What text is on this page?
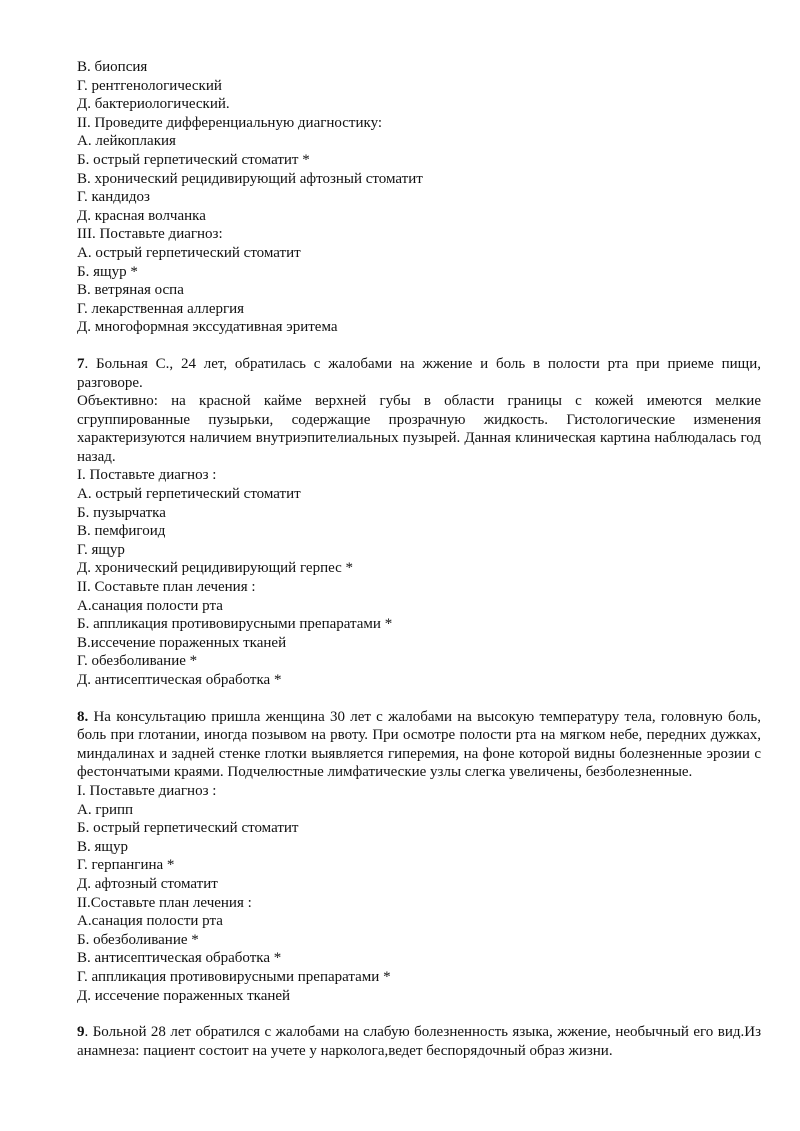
В. биопсия
Г. рентгенологический
Д. бактериологический.
II. Проведите дифференциальную диагностику:
А. лейкоплакия
Б. острый герпетический стоматит *
В. хронический рецидивирующий афтозный стоматит
Г. кандидоз
Д. красная волчанка
III. Поставьте диагноз:
А. острый герпетический стоматит
Б. ящур *
В. ветряная оспа
Г. лекарственная аллергия
Д. многоформная экссудативная эритема
7. Больная С., 24 лет, обратилась с жалобами на жжение и боль в полости рта при приеме пищи, разговоре.
Объективно: на красной кайме верхней губы в области границы с кожей имеются мелкие сгруппированные пузырьки, содержащие прозрачную жидкость. Гистологические изменения характеризуются наличием внутриэпителиальных пузырей. Данная клиническая картина наблюдалась год назад.
I. Поставьте диагноз :
А. острый герпетический стоматит
Б. пузырчатка
В. пемфигоид
Г. ящур
Д. хронический рецидивирующий герпес *
II. Составьте план лечения :
А.санация полости рта
Б. аппликация противовирусными препаратами *
В.иссечение пораженных тканей
Г. обезболивание *
Д. антисептическая обработка *
8. На консультацию пришла женщина 30 лет с жалобами на высокую температуру тела, головную боль, боль при глотании, иногда позывом на рвоту. При осмотре полости рта на мягком небе, передних дужках, миндалинах и задней стенке глотки выявляется гиперемия, на фоне которой видны болезненные эрозии с фестончатыми краями. Подчелюстные лимфатические узлы слегка увеличены, безболезненные.
I. Поставьте диагноз :
А. грипп
Б. острый герпетический стоматит
В. ящур
Г. герпангина *
Д. афтозный стоматит
II.Составьте план лечения :
А.санация полости рта
Б. обезболивание *
В. антисептическая обработка *
Г. аппликация противовирусными препаратами *
Д. иссечение пораженных тканей
9. Больной 28 лет обратился с жалобами на слабую болезненность языка, жжение, необычный его вид.Из анамнеза: пациент состоит на учете у нарколога,ведет беспорядочный образ жизни.
